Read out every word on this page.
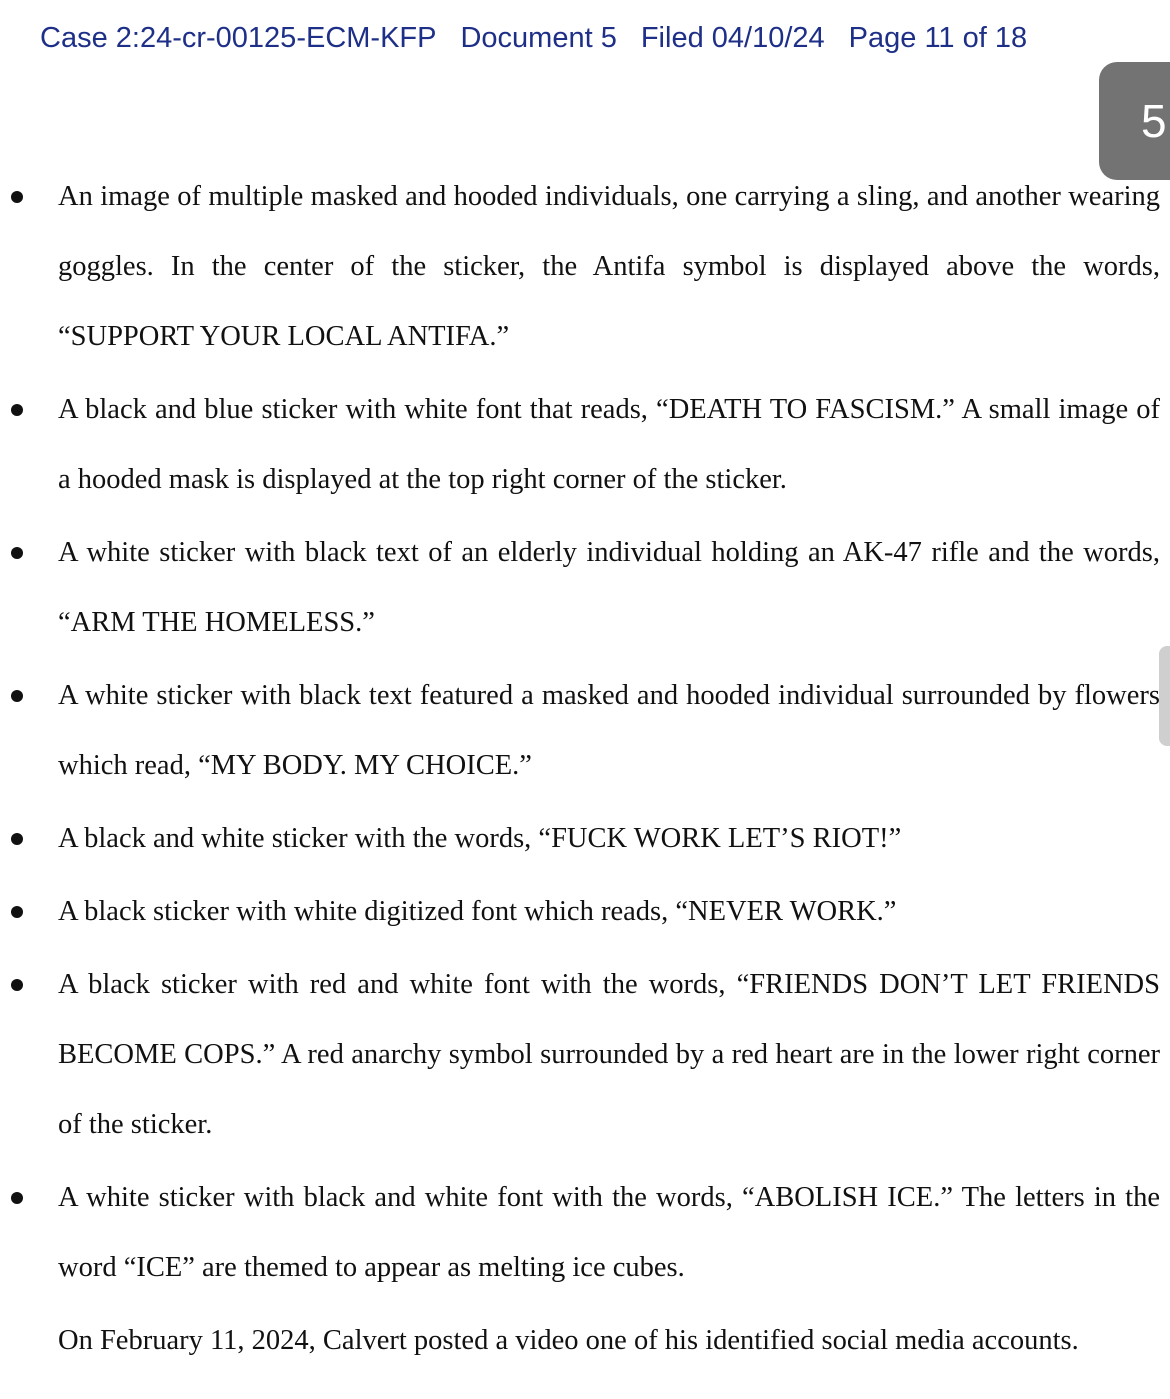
Case 2:24-cr-00125-ECM-KFP Document 5 Filed 04/10/24 Page 11 of 18
5
An image of multiple masked and hooded individuals, one carrying a sling, and another wearing goggles. In the center of the sticker, the Antifa symbol is displayed above the words, “SUPPORT YOUR LOCAL ANTIFA.”
A black and blue sticker with white font that reads, “DEATH TO FASCISM.” A small image of a hooded mask is displayed at the top right corner of the sticker.
A white sticker with black text of an elderly individual holding an AK-47 rifle and the words, “ARM THE HOMELESS.”
A white sticker with black text featured a masked and hooded individual surrounded by flowers which read, “MY BODY. MY CHOICE.”
A black and white sticker with the words, “FUCK WORK LET’S RIOT!”
A black sticker with white digitized font which reads, “NEVER WORK.”
A black sticker with red and white font with the words, “FRIENDS DON’T LET FRIENDS BECOME COPS.” A red anarchy symbol surrounded by a red heart are in the lower right corner of the sticker.
A white sticker with black and white font with the words, “ABOLISH ICE.” The letters in the word “ICE” are themed to appear as melting ice cubes.
On February 11, 2024, Calvert posted a video one of his identified social media accounts.
